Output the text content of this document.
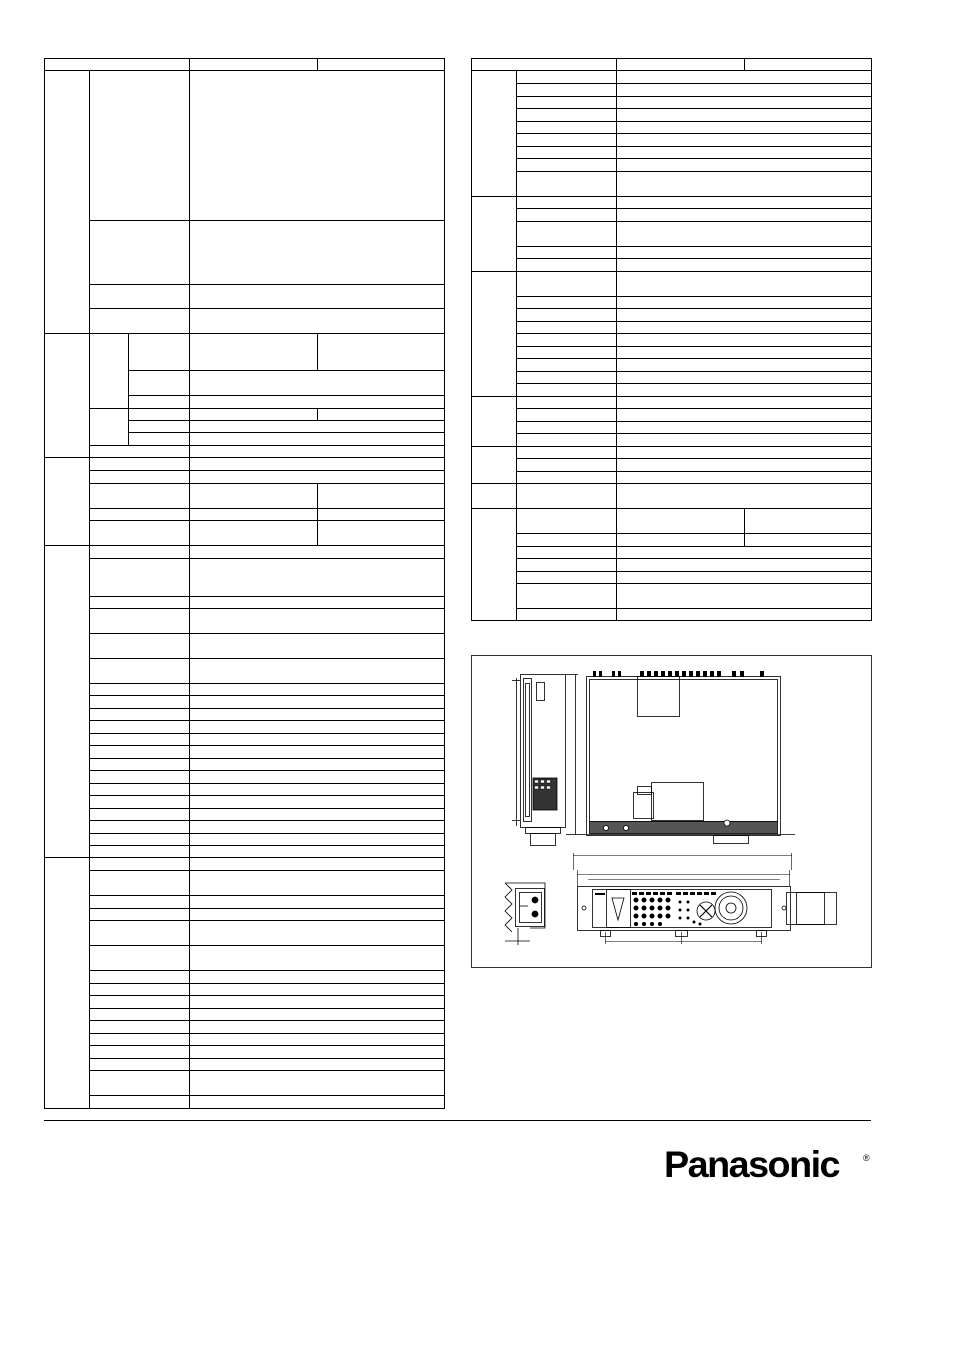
Panasonic	®
